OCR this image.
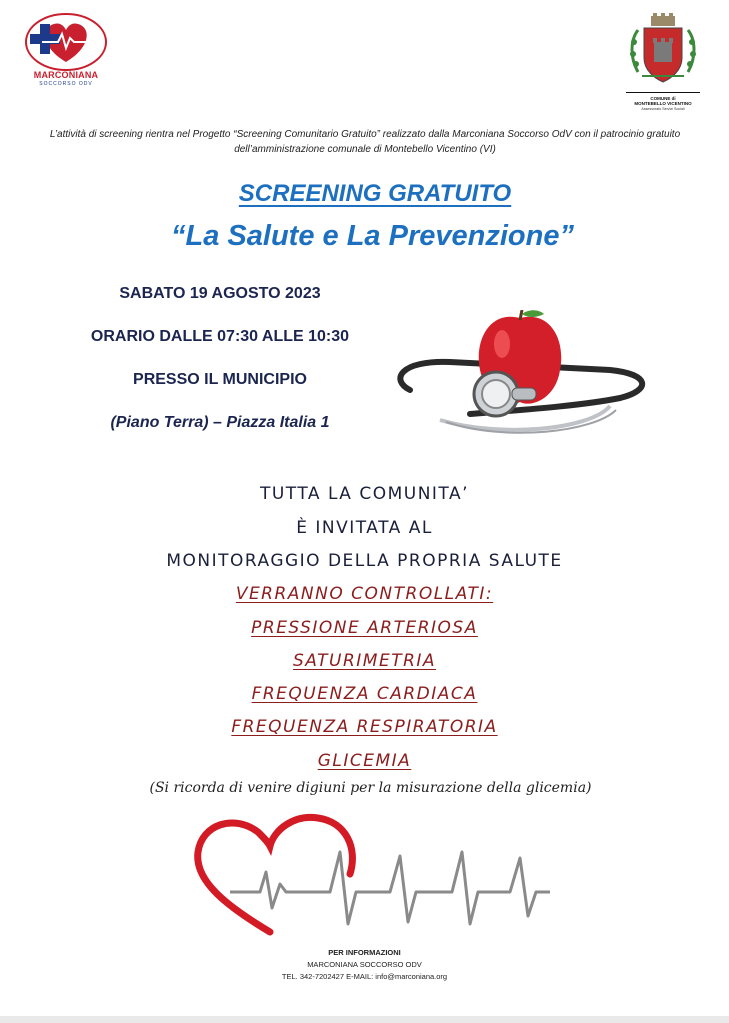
MARCONIANA
SOCCORSO ODV
COMUNE di
MONTEBELLO VICENTINO
Assessorato Servizi Sociali
L’attività di screening rientra nel Progetto “Screening Comunitario Gratuito” realizzato dalla Marconiana Soccorso OdV con il patrocinio gratuito dell’amministrazione comunale di Montebello Vicentino (VI)
SCREENING GRATUITO
“La Salute e La Prevenzione”
SABATO 19 AGOSTO 2023
ORARIO DALLE 07:30 ALLE 10:30
PRESSO IL MUNICIPIO
(Piano Terra) – Piazza Italia 1
TUTTA LA COMUNITA’
È INVITATA AL
MONITORAGGIO DELLA PROPRIA SALUTE
VERRANNO CONTROLLATI:
PRESSIONE ARTERIOSA
SATURIMETRIA
FREQUENZA CARDIACA
FREQUENZA RESPIRATORIA
GLICEMIA
(Si ricorda di venire digiuni per la misurazione della glicemia)
PER INFORMAZIONI
MARCONIANA SOCCORSO ODV
TEL. 342-7202427 E-MAIL: info@marconiana.org
